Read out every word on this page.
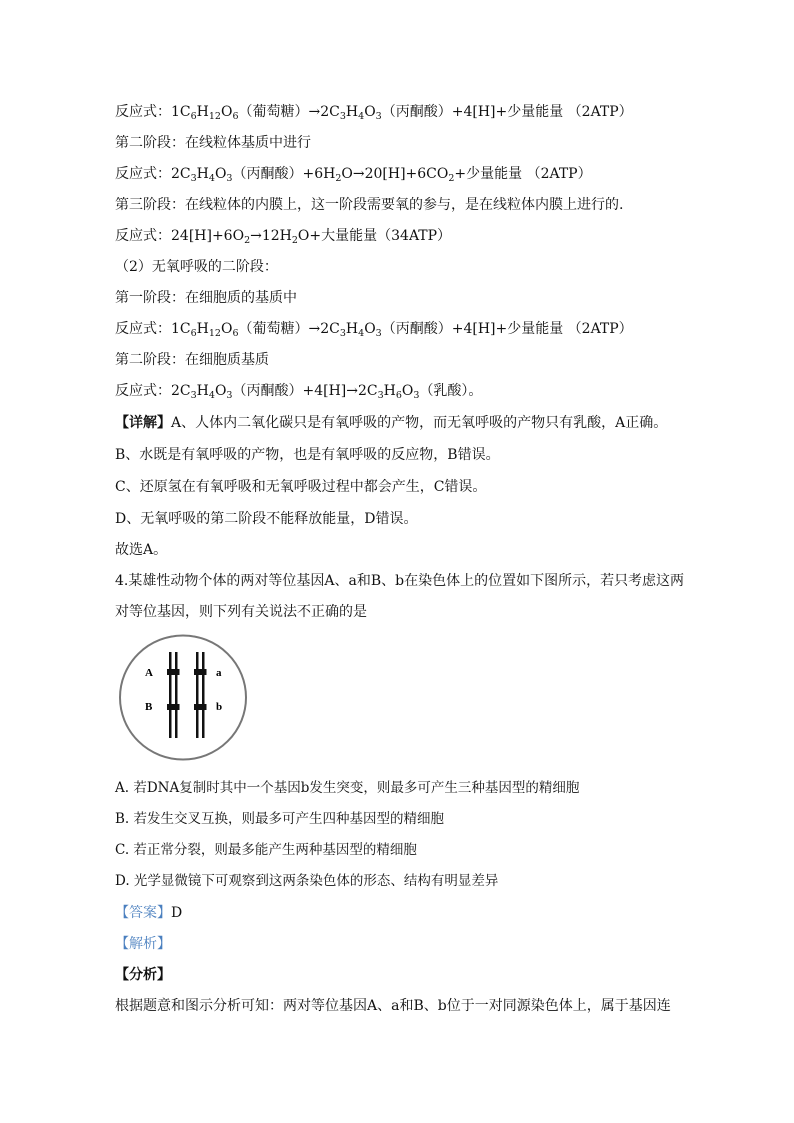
反应式：$1C_6H_{12}O_6$（葡萄糖）$\to 2C_3H_4O_3$（丙酮酸）+4[H]+少量能量 （2ATP）
第二阶段：在线粒体基质中进行
反应式：$2C_3H_4O_3$（丙酮酸）$+6H_2O\to 20[H]+6CO_2+$少量能量 （2ATP）
第三阶段：在线粒体的内膜上，这一阶段需要氧的参与，是在线粒体内膜上进行的.
反应式：$24[H]+6O_2\to 12H_2O+$大量能量（34ATP）
（2）无氧呼吸的二阶段：
第一阶段：在细胞质的基质中
反应式：$1C_6H_{12}O_6$（葡萄糖）$\to 2C_3H_4O_3$（丙酮酸）+4[H]+少量能量 （2ATP）
第二阶段：在细胞质基质
反应式：$2C_3H_4O_3$（丙酮酸）$+4[H]\to 2C_3H_6O_3$（乳酸）。
【详解】A、人体内二氧化碳只是有氧呼吸的产物，而无氧呼吸的产物只有乳酸，A正确。
B、水既是有氧呼吸的产物，也是有氧呼吸的反应物，B错误。
C、还原氢在有氧呼吸和无氧呼吸过程中都会产生，C错误。
D、无氧呼吸的第二阶段不能释放能量，D错误。
故选A。
4.某雄性动物个体的两对等位基因A、a和B、b在染色体上的位置如下图所示，若只考虑这两
对等位基因，则下列有关说法不正确的是
A
B
a
b
A. 若DNA复制时其中一个基因b发生突变，则最多可产生三种基因型的精细胞
B. 若发生交叉互换，则最多可产生四种基因型的精细胞
C. 若正常分裂，则最多能产生两种基因型的精细胞
D. 光学显微镜下可观察到这两条染色体的形态、结构有明显差异
【答案】D
【解析】
【分析】
根据题意和图示分析可知：两对等位基因A、a和B、b位于一对同源染色体上，属于基因连
